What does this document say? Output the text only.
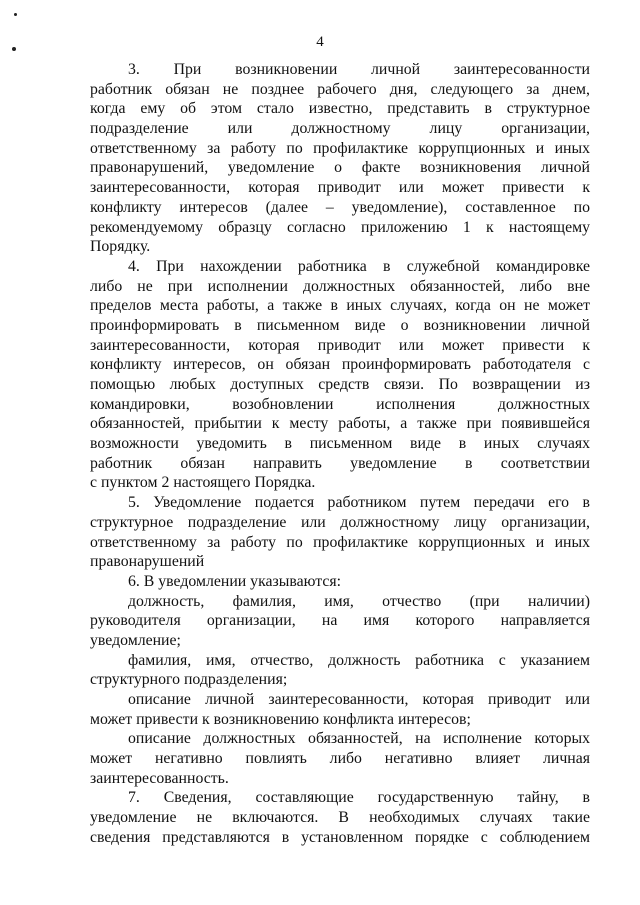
4
3. При возникновении личной заинтересованности
работник обязан не позднее рабочего дня, следующего за днем,
когда ему об этом стало известно, представить в структурное
подразделение или должностному лицу организации,
ответственному за работу по профилактике коррупционных и иных
правонарушений, уведомление о факте возникновения личной
заинтересованности, которая приводит или может привести к
конфликту интересов (далее – уведомление), составленное по
рекомендуемому образцу согласно приложению 1 к настоящему
Порядку.
4. При нахождении работника в служебной командировке
либо не при исполнении должностных обязанностей, либо вне
пределов места работы, а также в иных случаях, когда он не может
проинформировать в письменном виде о возникновении личной
заинтересованности, которая приводит или может привести к
конфликту интересов, он обязан проинформировать работодателя с
помощью любых доступных средств связи. По возвращении из
командировки, возобновлении исполнения должностных
обязанностей, прибытии к месту работы, а также при появившейся
возможности уведомить в письменном виде в иных случаях
работник обязан направить уведомление в соответствии
с пунктом 2 настоящего Порядка.
5. Уведомление подается работником путем передачи его в
структурное подразделение или должностному лицу организации,
ответственному за работу по профилактике коррупционных и иных
правонарушений
6. В уведомлении указываются:
должность, фамилия, имя, отчество (при наличии)
руководителя организации, на имя которого направляется
уведомление;
фамилия, имя, отчество, должность работника с указанием
структурного подразделения;
описание личной заинтересованности, которая приводит или
может привести к возникновению конфликта интересов;
описание должностных обязанностей, на исполнение которых
может негативно повлиять либо негативно влияет личная
заинтересованность.
7. Сведения, составляющие государственную тайну, в
уведомление не включаются. В необходимых случаях такие
сведения представляются в установленном порядке с соблюдением
